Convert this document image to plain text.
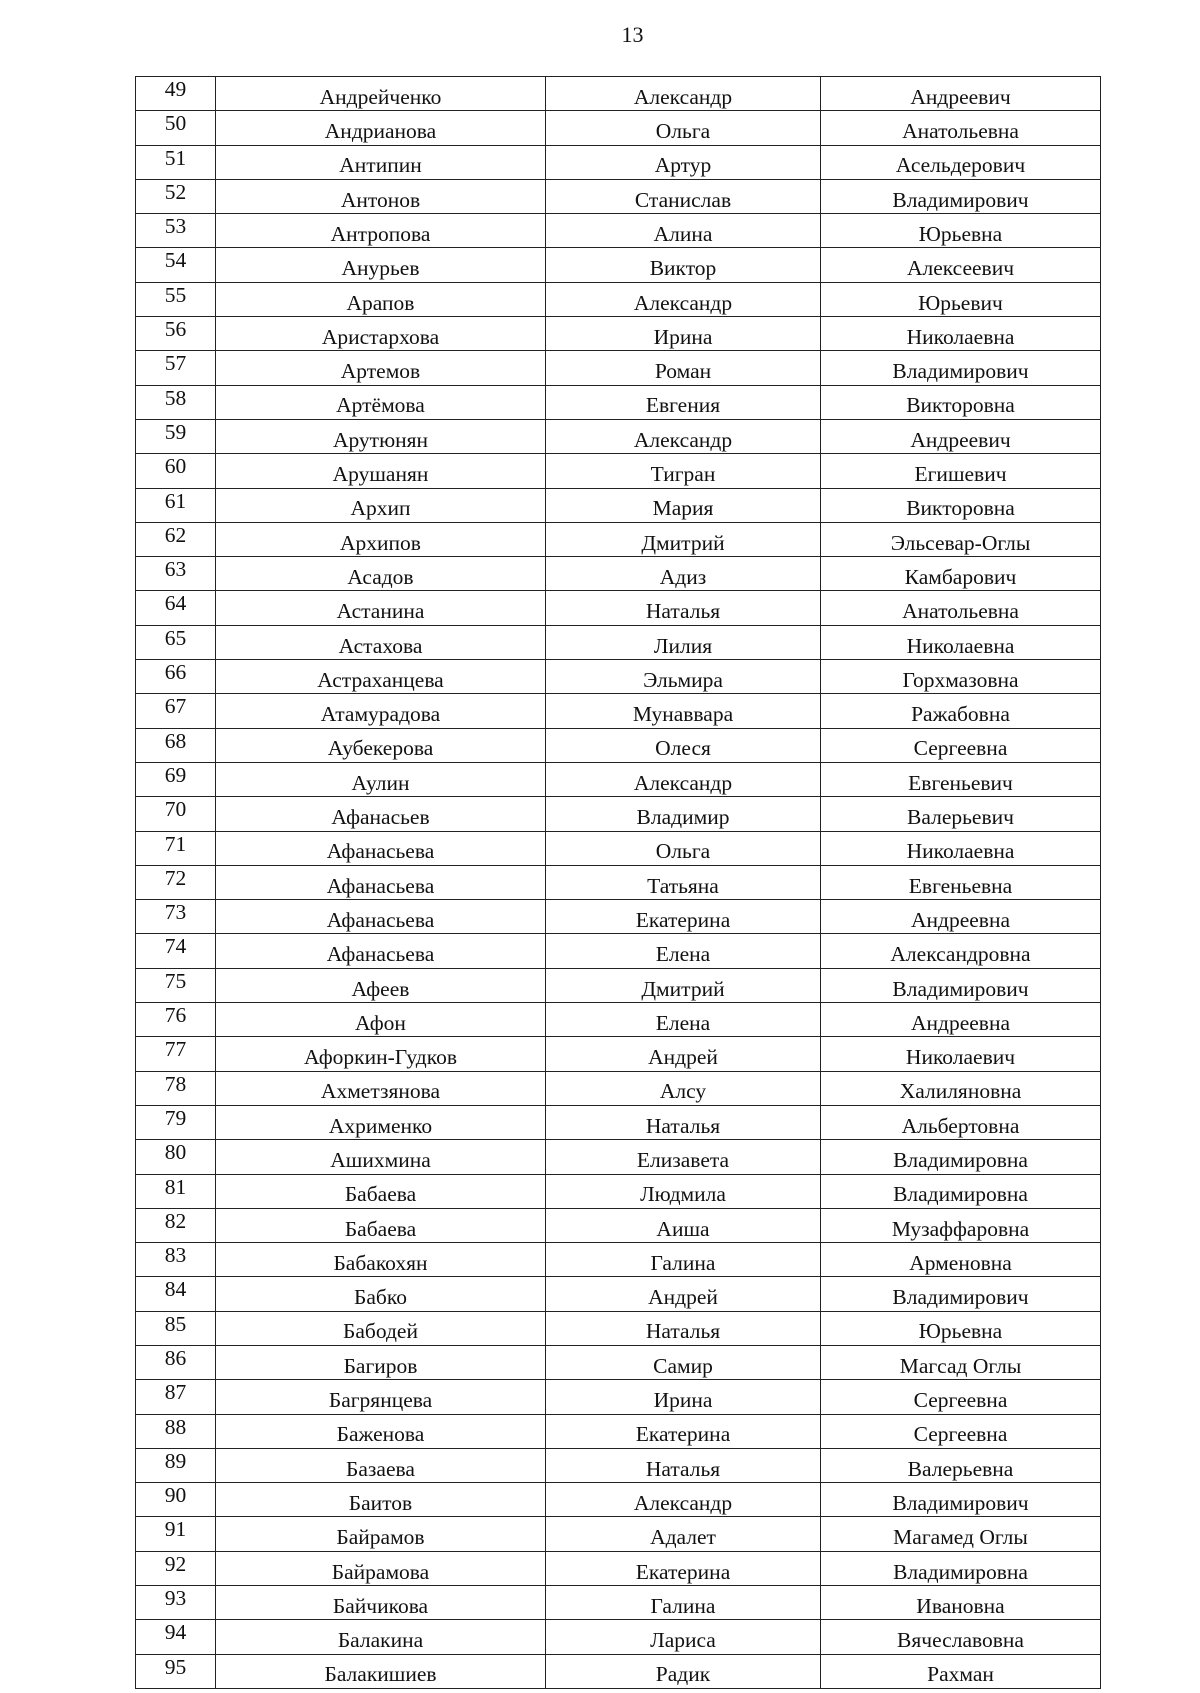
13
49	Андрейченко	Александр	Андреевич
50	Андрианова	Ольга	Анатольевна
51	Антипин	Артур	Асельдерович
52	Антонов	Станислав	Владимирович
53	Антропова	Алина	Юрьевна
54	Анурьев	Виктор	Алексеевич
55	Арапов	Александр	Юрьевич
56	Аристархова	Ирина	Николаевна
57	Артемов	Роман	Владимирович
58	Артёмова	Евгения	Викторовна
59	Арутюнян	Александр	Андреевич
60	Арушанян	Тигран	Егишевич
61	Архип	Мария	Викторовна
62	Архипов	Дмитрий	Эльсевар-Оглы
63	Асадов	Адиз	Камбарович
64	Астанина	Наталья	Анатольевна
65	Астахова	Лилия	Николаевна
66	Астраханцева	Эльмира	Горхмазовна
67	Атамурадова	Мунаввара	Ражабовна
68	Аубекерова	Олеся	Сергеевна
69	Аулин	Александр	Евгеньевич
70	Афанасьев	Владимир	Валерьевич
71	Афанасьева	Ольга	Николаевна
72	Афанасьева	Татьяна	Евгеньевна
73	Афанасьева	Екатерина	Андреевна
74	Афанасьева	Елена	Александровна
75	Афеев	Дмитрий	Владимирович
76	Афон	Елена	Андреевна
77	Афоркин-Гудков	Андрей	Николаевич
78	Ахметзянова	Алсу	Халиляновна
79	Ахрименко	Наталья	Альбертовна
80	Ашихмина	Елизавета	Владимировна
81	Бабаева	Людмила	Владимировна
82	Бабаева	Аиша	Музаффаровна
83	Бабакохян	Галина	Арменовна
84	Бабко	Андрей	Владимирович
85	Бабодей	Наталья	Юрьевна
86	Багиров	Самир	Магсад Оглы
87	Багрянцева	Ирина	Сергеевна
88	Баженова	Екатерина	Сергеевна
89	Базаева	Наталья	Валерьевна
90	Баитов	Александр	Владимирович
91	Байрамов	Адалет	Магамед Оглы
92	Байрамова	Екатерина	Владимировна
93	Байчикова	Галина	Ивановна
94	Балакина	Лариса	Вячеславовна
95	Балакишиев	Радик	Рахман
